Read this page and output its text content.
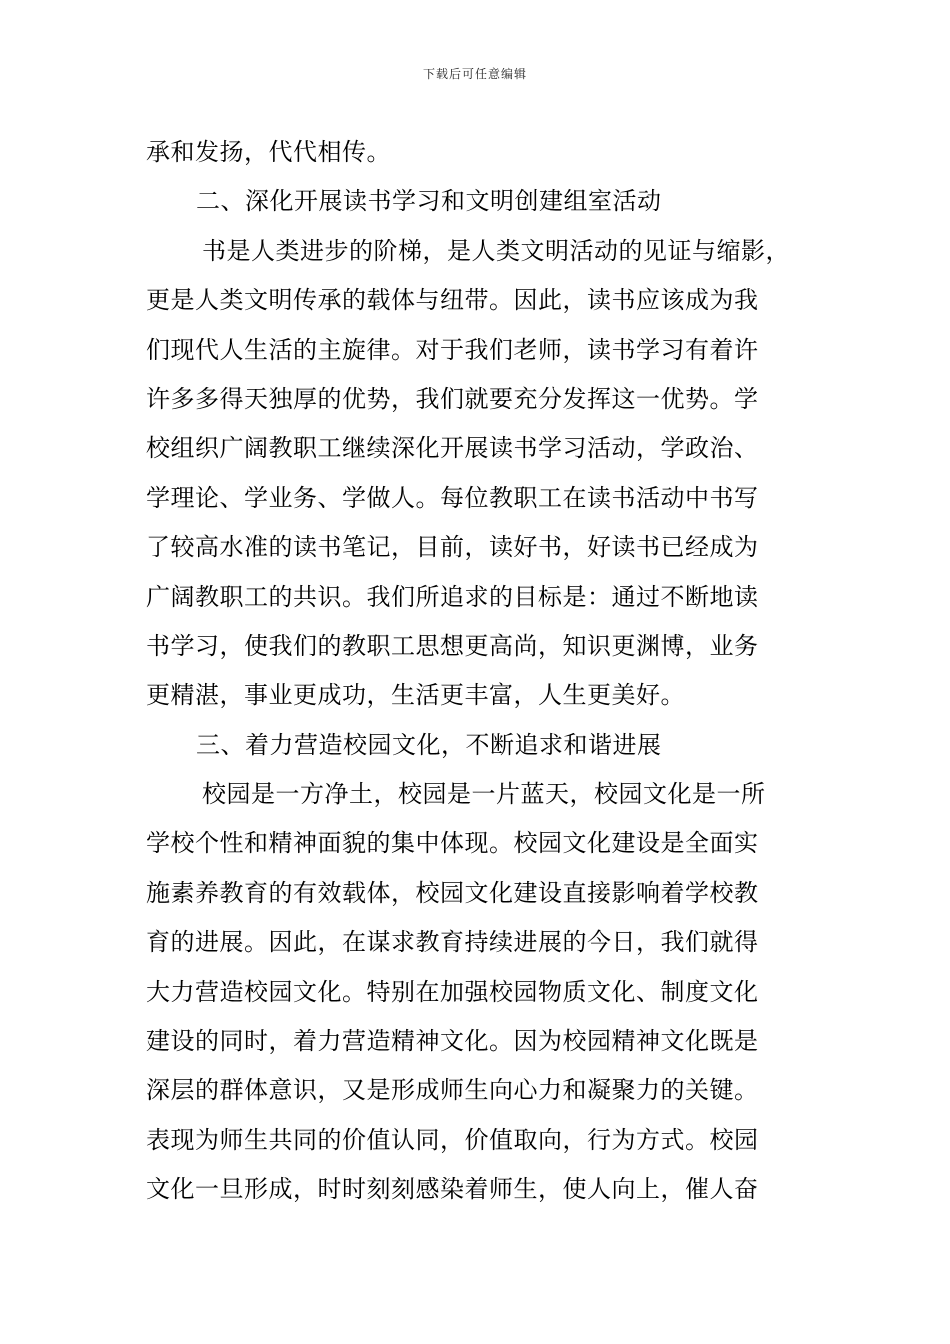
下载后可任意编辑
承和发扬，代代相传。
二、深化开展读书学习和文明创建组室活动
书是人类进步的阶梯，是人类文明活动的见证与缩影，
更是人类文明传承的载体与纽带。因此，读书应该成为我
们现代人生活的主旋律。对于我们老师，读书学习有着许
许多多得天独厚的优势，我们就要充分发挥这一优势。学
校组织广阔教职工继续深化开展读书学习活动，学政治、
学理论、学业务、学做人。每位教职工在读书活动中书写
了较高水准的读书笔记，目前，读好书，好读书已经成为
广阔教职工的共识。我们所追求的目标是：通过不断地读
书学习，使我们的教职工思想更高尚，知识更渊博，业务
更精湛，事业更成功，生活更丰富，人生更美好。
三、着力营造校园文化，不断追求和谐进展
校园是一方净土，校园是一片蓝天，校园文化是一所
学校个性和精神面貌的集中体现。校园文化建设是全面实
施素养教育的有效载体，校园文化建设直接影响着学校教
育的进展。因此，在谋求教育持续进展的今日，我们就得
大力营造校园文化。特别在加强校园物质文化、制度文化
建设的同时，着力营造精神文化。因为校园精神文化既是
深层的群体意识，又是形成师生向心力和凝聚力的关键。
表现为师生共同的价值认同，价值取向，行为方式。校园
文化一旦形成，时时刻刻感染着师生，使人向上，催人奋
